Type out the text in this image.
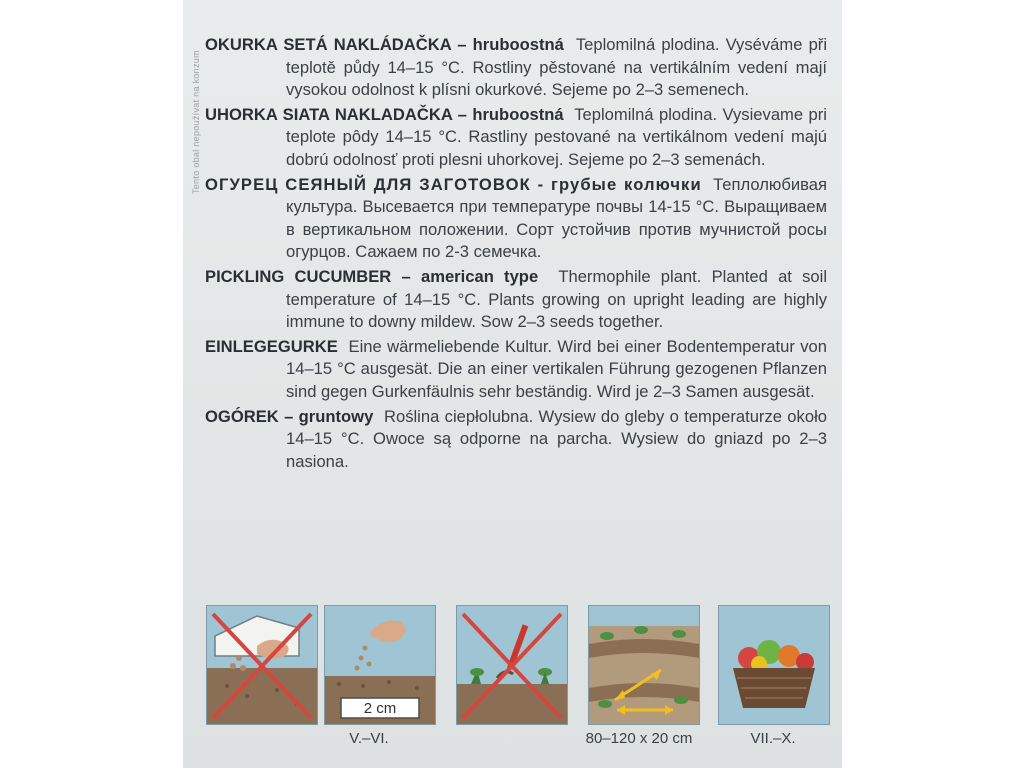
Tento obal nepoužívat na konzum

OKURKA SETÁ NAKLÁDAČKA – hruboostná Teplomilná plodina. Vyséváme při teplotě půdy 14–15 °C. Rostliny pěstované na vertikálním vedení mají vysokou odolnost k plísni okurkové. Sejeme po 2–3 semenech.

UHORKA SIATA NAKLADAČKA – hruboostná Teplomilná plodina. Vysievame pri teplote pôdy 14–15 °C. Rastliny pestované na vertikálnom vedení majú dobrú odolnosť proti plesni uhorkovej. Sejeme po 2–3 semenách.

ОГУРЕЦ СЕЯНЫЙ ДЛЯ ЗАГОТОВОК - грубые колючки Теплолюбивая культура. Высевается при температуре почвы 14-15 °C. Выращиваем в вертикальном положении. Сорт устойчив против мучнистой росы огурцов. Сажаем по 2-3 семечка.

PICKLING CUCUMBER – american type Thermophile plant. Planted at soil temperature of 14–15 °C. Plants growing on upright leading are highly immune to downy mildew. Sow 2–3 seeds together.

EINLEGEGURKE Eine wärmeliebende Kultur. Wird bei einer Bodentemperatur von 14–15 °C ausgesät. Die an einer vertikalen Führung gezogenen Pflanzen sind gegen Gurkenfäulnis sehr beständig. Wird je 2–3 Samen ausgesät.

OGÓREK – gruntowy Roślina ciepłolubna. Wysiew do gleby o temperaturze około 14–15 °C. Owoce są odporne na parcha. Wysiew do gniazd po 2–3 nasiona.

2 cm
V.–VI.	80–120 x 20 cm	VII.–X.
